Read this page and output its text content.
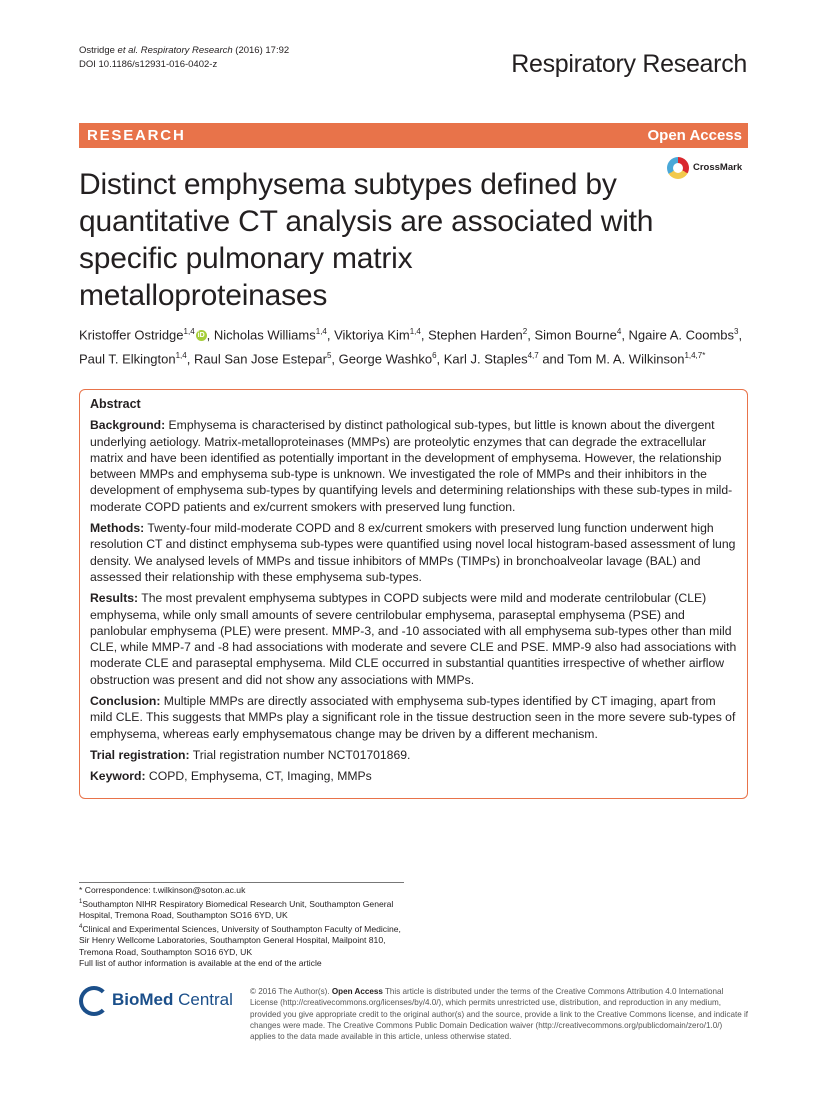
Ostridge et al. Respiratory Research (2016) 17:92
DOI 10.1186/s12931-016-0402-z	Respiratory Research
RESEARCH	Open Access
Distinct emphysema subtypes defined by quantitative CT analysis are associated with specific pulmonary matrix metalloproteinases
CrossMark
Kristoffer Ostridge$^{1,4}$ iD , Nicholas Williams$^{1,4}$, Viktoriya Kim$^{1,4}$, Stephen Harden$^2$, Simon Bourne$^4$, Ngaire A. Coombs$^3$, Paul T. Elkington$^{1,4}$, Raul San Jose Estepar$^5$, George Washko$^6$, Karl J. Staples$^{4,7}$ and Tom M. A. Wilkinson$^{1,4,7*}$
Abstract

Background: Emphysema is characterised by distinct pathological sub-types, but little is known about the divergent underlying aetiology. Matrix-metalloproteinases (MMPs) are proteolytic enzymes that can degrade the extracellular matrix and have been identified as potentially important in the development of emphysema. However, the relationship between MMPs and emphysema sub-type is unknown. We investigated the role of MMPs and their inhibitors in the development of emphysema sub-types by quantifying levels and determining relationships with these sub-types in mild-moderate COPD patients and ex/current smokers with preserved lung function.

Methods: Twenty-four mild-moderate COPD and 8 ex/current smokers with preserved lung function underwent high resolution CT and distinct emphysema sub-types were quantified using novel local histogram-based assessment of lung density. We analysed levels of MMPs and tissue inhibitors of MMPs (TIMPs) in bronchoalveolar lavage (BAL) and assessed their relationship with these emphysema sub-types.

Results: The most prevalent emphysema subtypes in COPD subjects were mild and moderate centrilobular (CLE) emphysema, while only small amounts of severe centrilobular emphysema, paraseptal emphysema (PSE) and panlobular emphysema (PLE) were present. MMP-3, and -10 associated with all emphysema sub-types other than mild CLE, while MMP-7 and -8 had associations with moderate and severe CLE and PSE. MMP-9 also had associations with moderate CLE and paraseptal emphysema. Mild CLE occurred in substantial quantities irrespective of whether airflow obstruction was present and did not show any associations with MMPs.

Conclusion: Multiple MMPs are directly associated with emphysema sub-types identified by CT imaging, apart from mild CLE. This suggests that MMPs play a significant role in the tissue destruction seen in the more severe sub-types of emphysema, whereas early emphysematous change may be driven by a different mechanism.

Trial registration: Trial registration number NCT01701869.

Keyword: COPD, Emphysema, CT, Imaging, MMPs

* Correspondence: t.wilkinson@soton.ac.uk
$^1$Southampton NIHR Respiratory Biomedical Research Unit, Southampton General Hospital, Tremona Road, Southampton SO16 6YD, UK
$^4$Clinical and Experimental Sciences, University of Southampton Faculty of Medicine, Sir Henry Wellcome Laboratories, Southampton General Hospital, Mailpoint 810, Tremona Road, Southampton SO16 6YD, UK
Full list of author information is available at the end of the article
BioMed Central © 2016 The Author(s). Open Access This article is distributed under the terms of the Creative Commons Attribution 4.0 International License (http://creativecommons.org/licenses/by/4.0/), which permits unrestricted use, distribution, and reproduction in any medium, provided you give appropriate credit to the original author(s) and the source, provide a link to the Creative Commons license, and indicate if changes were made. The Creative Commons Public Domain Dedication waiver (http://creativecommons.org/publicdomain/zero/1.0/) applies to the data made available in this article, unless otherwise stated.
